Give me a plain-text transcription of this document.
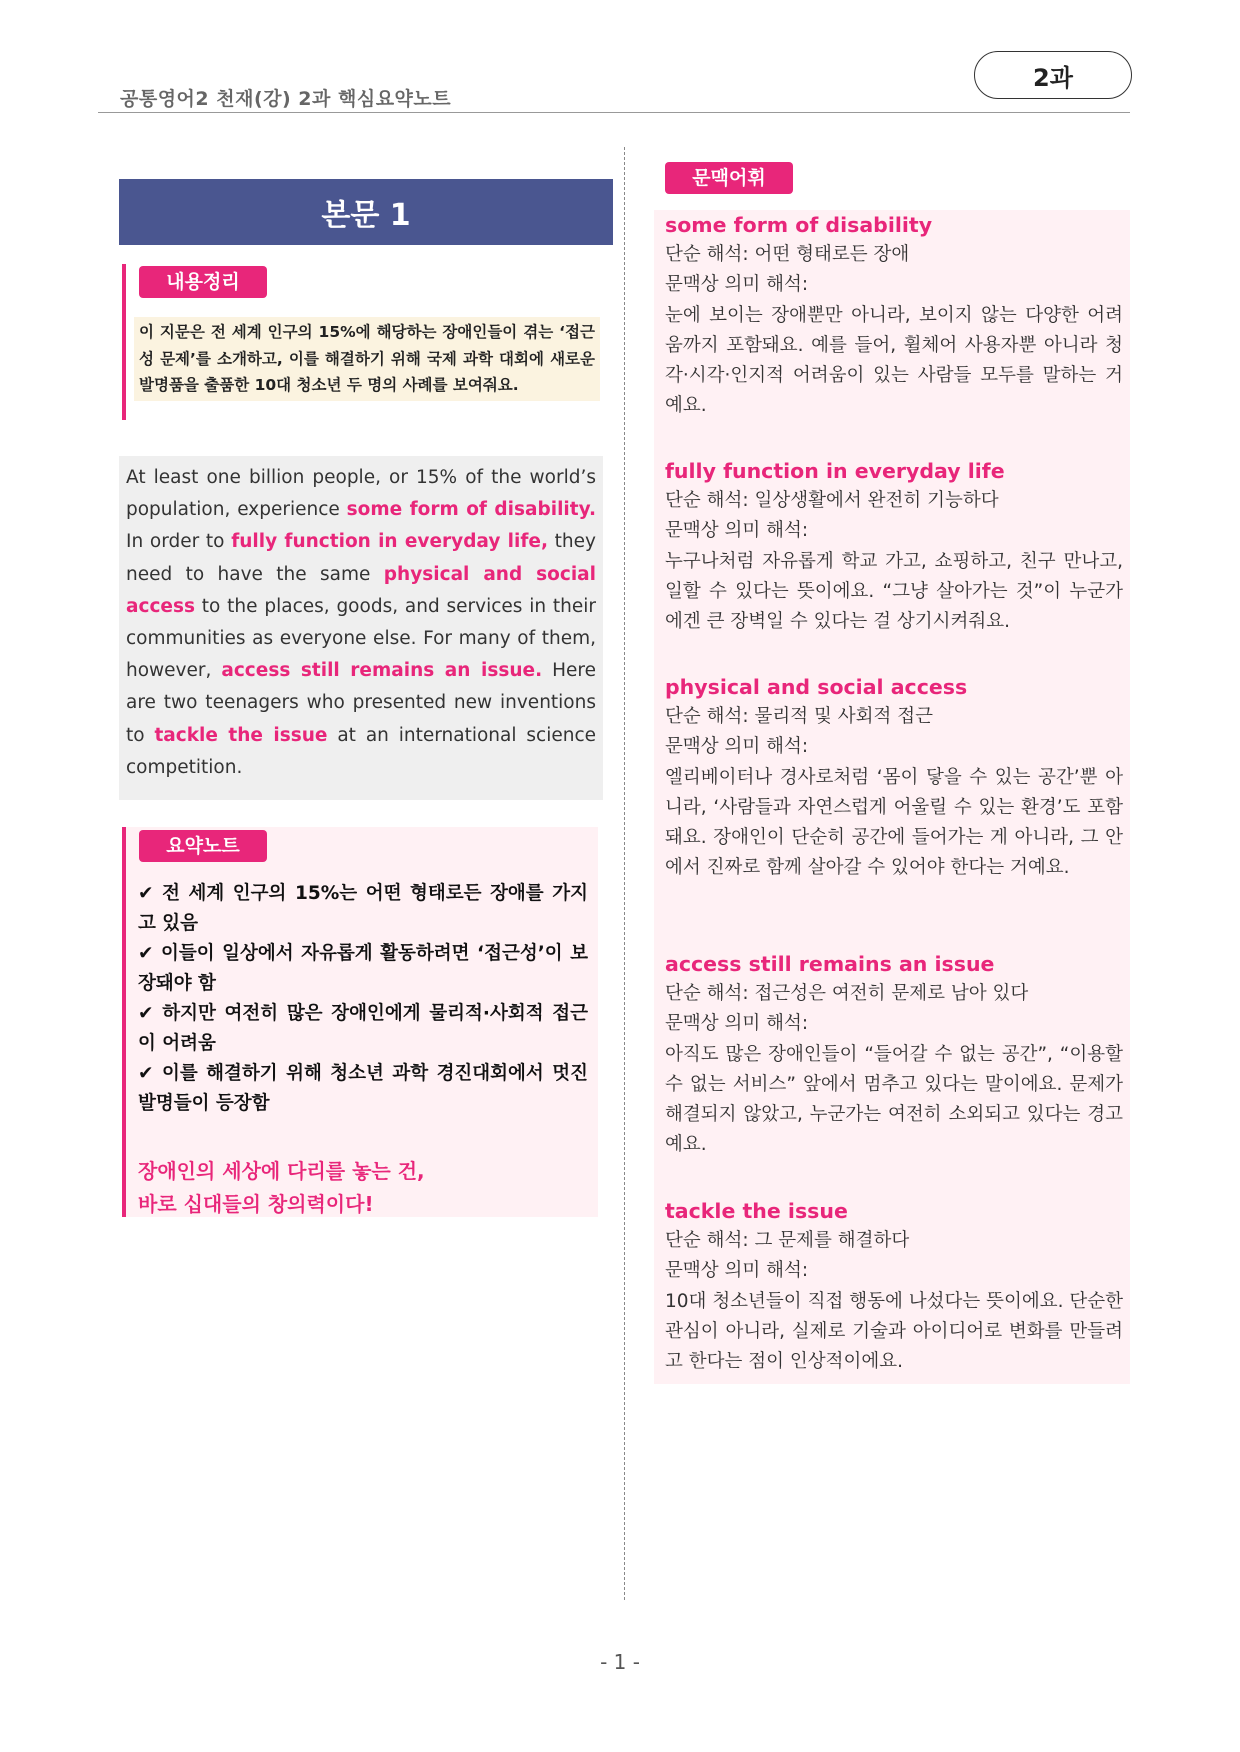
공통영어2 천재(강) 2과 핵심요약노트
2과
본문 1
내용정리
이 지문은 전 세계 인구의 15%에 해당하는 장애인들이 겪는 ‘접근성 문제’를 소개하고, 이를 해결하기 위해 국제 과학 대회에 새로운 발명품을 출품한 10대 청소년 두 명의 사례를 보여줘요.
At least one billion people, or 15% of the world’s population, experience some form of disability. In order to fully function in everyday life, they need to have the same physical and social access to the places, goods, and services in their communities as everyone else. For many of them, however, access still remains an issue. Here are two teenagers who presented new inventions to tackle the issue at an international science competition.
요약노트
✔ 전 세계 인구의 15%는 어떤 형태로든 장애를 가지고 있음
✔ 이들이 일상에서 자유롭게 활동하려면 ‘접근성’이 보장돼야 함
✔ 하지만 여전히 많은 장애인에게 물리적·사회적 접근이 어려움
✔ 이를 해결하기 위해 청소년 과학 경진대회에서 멋진 발명들이 등장함
장애인의 세상에 다리를 놓는 건,
바로 십대들의 창의력이다!
문맥어휘
some form of disability
단순 해석: 어떤 형태로든 장애
문맥상 의미 해석:
눈에 보이는 장애뿐만 아니라, 보이지 않는 다양한 어려움까지 포함돼요. 예를 들어, 휠체어 사용자뿐 아니라 청각·시각·인지적 어려움이 있는 사람들 모두를 말하는 거예요.
fully function in everyday life
단순 해석: 일상생활에서 완전히 기능하다
문맥상 의미 해석:
누구나처럼 자유롭게 학교 가고, 쇼핑하고, 친구 만나고, 일할 수 있다는 뜻이에요. “그냥 살아가는 것”이 누군가에겐 큰 장벽일 수 있다는 걸 상기시켜줘요.
physical and social access
단순 해석: 물리적 및 사회적 접근
문맥상 의미 해석:
엘리베이터나 경사로처럼 ‘몸이 닿을 수 있는 공간’뿐 아니라, ‘사람들과 자연스럽게 어울릴 수 있는 환경’도 포함돼요. 장애인이 단순히 공간에 들어가는 게 아니라, 그 안에서 진짜로 함께 살아갈 수 있어야 한다는 거예요.
access still remains an issue
단순 해석: 접근성은 여전히 문제로 남아 있다
문맥상 의미 해석:
아직도 많은 장애인들이 “들어갈 수 없는 공간”, “이용할 수 없는 서비스” 앞에서 멈추고 있다는 말이에요. 문제가 해결되지 않았고, 누군가는 여전히 소외되고 있다는 경고예요.
tackle the issue
단순 해석: 그 문제를 해결하다
문맥상 의미 해석:
10대 청소년들이 직접 행동에 나섰다는 뜻이에요. 단순한 관심이 아니라, 실제로 기술과 아이디어로 변화를 만들려고 한다는 점이 인상적이에요.
- 1 -
